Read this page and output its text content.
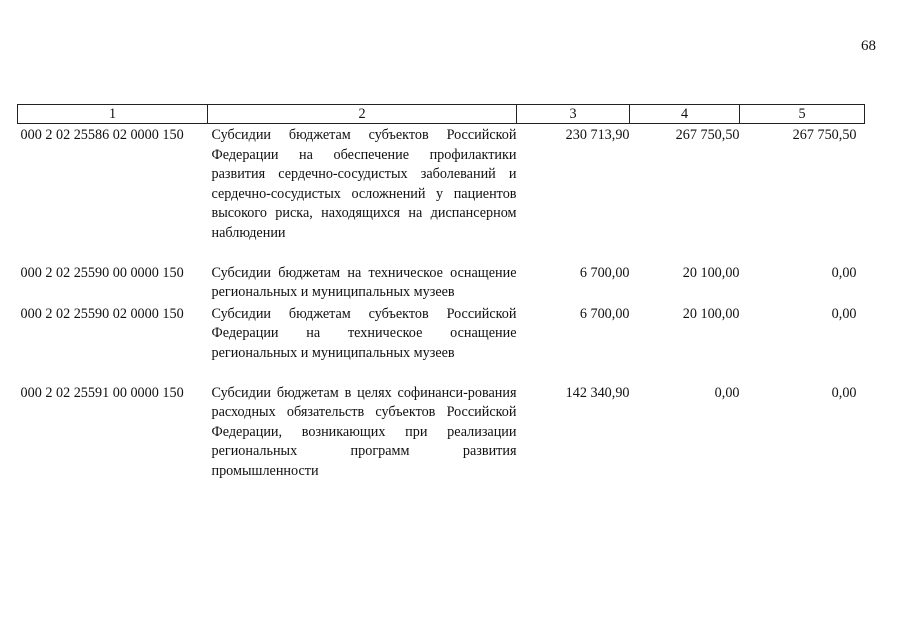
68
1	2	3	4	5
000 2 02 25586 02 0000 150	Субсидии бюджетам субъектов Российской Федерации на обеспечение профилактики развития сердечно-сосудистых заболеваний и сердечно-сосудистых осложнений у пациентов высокого риска, находящихся на диспансерном наблюдении	230 713,90	267 750,50	267 750,50

000 2 02 25590 00 0000 150	Субсидии бюджетам на техническое оснащение региональных и муниципальных музеев	6 700,00	20 100,00	0,00
000 2 02 25590 02 0000 150	Субсидии бюджетам субъектов Российской Федерации на техническое оснащение региональных и муниципальных музеев	6 700,00	20 100,00	0,00

000 2 02 25591 00 0000 150	Субсидии бюджетам в целях софинанси-рования расходных обязательств субъектов Российской Федерации, возникающих при реализации региональных программ развития промышленности	142 340,90	0,00	0,00
